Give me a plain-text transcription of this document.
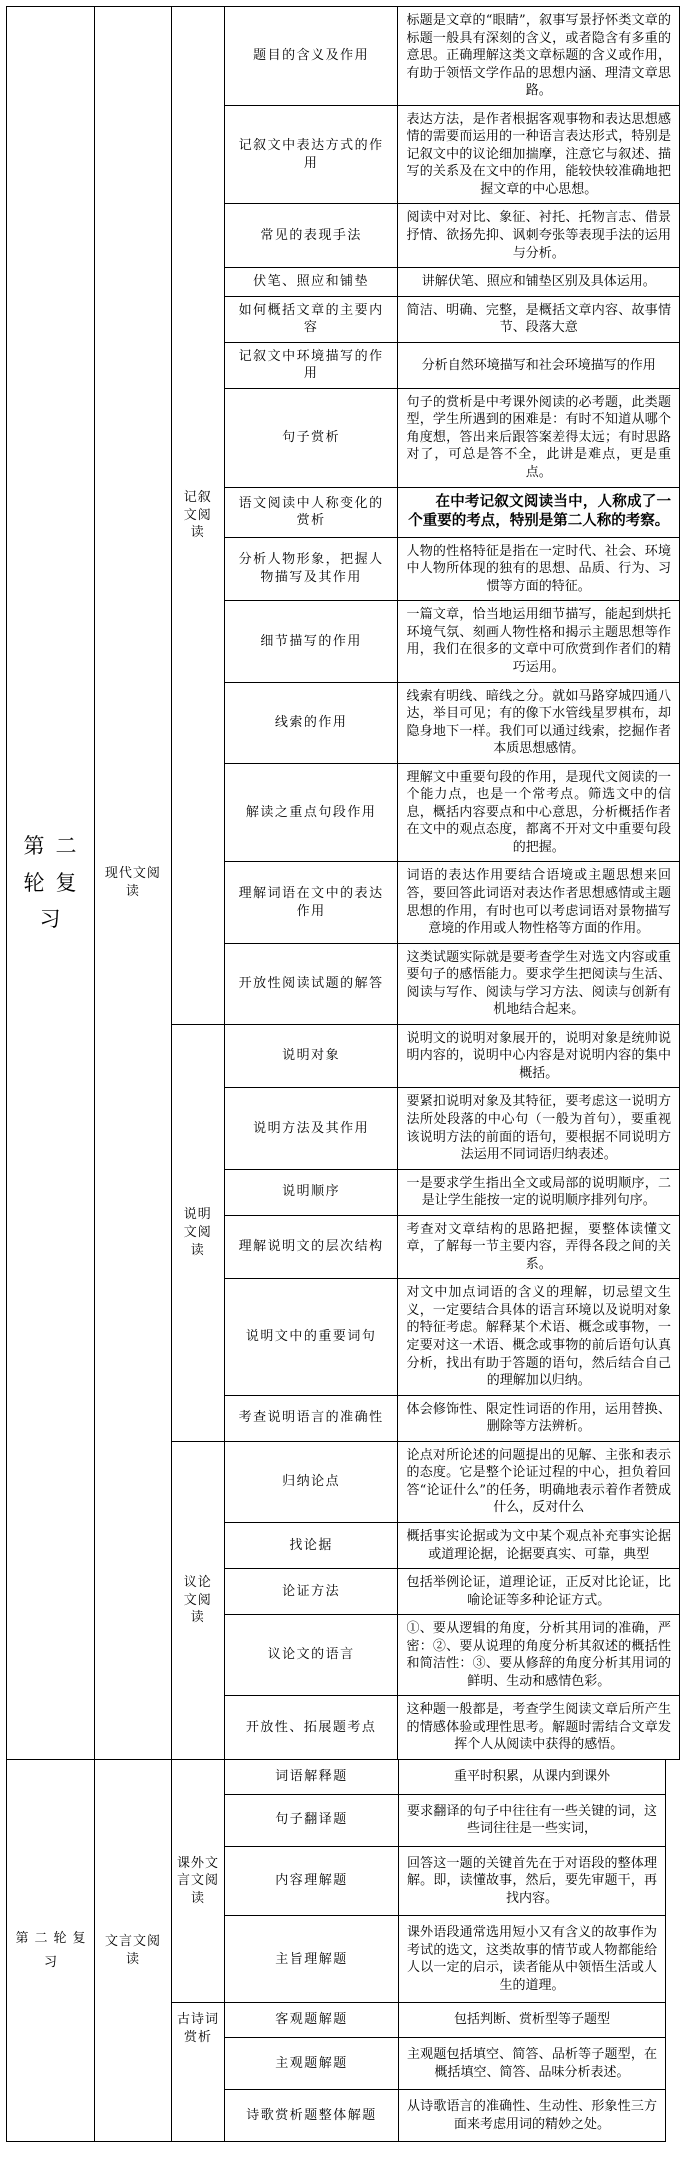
第二轮复习	现代文阅读	记叙文阅读	题目的含义及作用	标题是文章的“眼睛”，叙事写景抒怀类文章的标题一般具有深刻的含义，或者隐含有多重的意思。正确理解这类文章标题的含义或作用，有助于领悟文学作品的思想内涵、理清文章思路。
			记叙文中表达方式的作用	表达方法，是作者根据客观事物和表达思想感情的需要而运用的一种语言表达形式，特别是记叙文中的议论细加揣摩，注意它与叙述、描写的关系及在文中的作用，能较快较准确地把握文章的中心思想。
			常见的表现手法	阅读中对对比、象征、衬托、托物言志、借景抒情、欲扬先抑、讽刺夸张等表现手法的运用与分析。
			伏笔、照应和铺垫	讲解伏笔、照应和铺垫区别及具体运用。
			如何概括文章的主要内容	简洁、明确、完整，是概括文章内容、故事情节、段落大意
			记叙文中环境描写的作用	分析自然环境描写和社会环境描写的作用
			句子赏析	句子的赏析是中考课外阅读的必考题，此类题型，学生所遇到的困难是：有时不知道从哪个角度想，答出来后跟答案差得太远；有时思路对了，可总是答不全，此讲是难点，更是重点。
			语文阅读中人称变化的赏析	在中考记叙文阅读当中，人称成了一个重要的考点，特别是第二人称的考察。
			分析人物形象，把握人物描写及其作用	人物的性格特征是指在一定时代、社会、环境中人物所体现的独有的思想、品质、行为、习惯等方面的特征。
			细节描写的作用	一篇文章，恰当地运用细节描写，能起到烘托环境气氛、刻画人物性格和揭示主题思想等作用，我们在很多的文章中可欣赏到作者们的精巧运用。
			线索的作用	线索有明线、暗线之分。就如马路穿城四通八达，举目可见；有的像下水管线星罗棋布，却隐身地下一样。我们可以通过线索，挖掘作者本质思想感情。
			解读之重点句段作用	理解文中重要句段的作用，是现代文阅读的一个能力点，也是一个常考点。筛选文中的信息，概括内容要点和中心意思，分析概括作者在文中的观点态度，都离不开对文中重要句段的把握。
			理解词语在文中的表达作用	词语的表达作用要结合语境或主题思想来回答，要回答此词语对表达作者思想感情或主题思想的作用，有时也可以考虑词语对景物描写意境的作用或人物性格等方面的作用。
			开放性阅读试题的解答	这类试题实际就是要考查学生对选文内容或重要句子的感悟能力。要求学生把阅读与生活、阅读与写作、阅读与学习方法、阅读与创新有机地结合起来。
		说明文阅读	说明对象	说明文的说明对象展开的，说明对象是统帅说明内容的，说明中心内容是对说明内容的集中概括。
			说明方法及其作用	要紧扣说明对象及其特征，要考虑这一说明方法所处段落的中心句（一般为首句），要重视该说明方法的前面的语句，要根据不同说明方法运用不同词语归纳表述。
			说明顺序	一是要求学生指出全文或局部的说明顺序，二是让学生能按一定的说明顺序排列句序。
			理解说明文的层次结构	考查对文章结构的思路把握，要整体读懂文章，了解每一节主要内容，弄得各段之间的关系。
			说明文中的重要词句	对文中加点词语的含义的理解，切忌望文生义，一定要结合具体的语言环境以及说明对象的特征考虑。解释某个术语、概念或事物，一定要对这一术语、概念或事物的前后语句认真分析，找出有助于答题的语句，然后结合自己的理解加以归纳。
			考查说明语言的准确性	体会修饰性、限定性词语的作用，运用替换、删除等方法辨析。
		议论文阅读	归纳论点	论点对所论述的问题提出的见解、主张和表示的态度。它是整个论证过程的中心，担负着回答“论证什么”的任务，明确地表示着作者赞成什么，反对什么
			找论据	概括事实论据或为文中某个观点补充事实论据或道理论据，论据要真实、可靠，典型
			论证方法	包括举例论证，道理论证，正反对比论证，比喻论证等多种论证方式。
			议论文的语言	①、要从逻辑的角度，分析其用词的准确，严密：②、要从说理的角度分析其叙述的概括性和简洁性：③、要从修辞的角度分析其用词的鲜明、生动和感情色彩。
			开放性、拓展题考点	这种题一般都是，考查学生阅读文章后所产生的情感体验或理性思考。解题时需结合文章发挥个人从阅读中获得的感悟。
第二轮复习	文言文阅读	课外文言文阅读	词语解释题	重平时积累，从课内到课外
			句子翻译题	要求翻译的句子中往往有一些关键的词，这些词往往是一些实词，
			内容理解题	回答这一题的关键首先在于对语段的整体理解。即，读懂故事，然后，要先审题干，再找内容。
			主旨理解题	课外语段通常选用短小又有含义的故事作为考试的选文，这类故事的情节或人物都能给人以一定的启示，读者能从中领悟生活或人生的道理。
		古诗词赏析	客观题解题	包括判断、赏析型等子题型
			主观题解题	主观题包括填空、简答、品析等子题型，在概括填空、简答、品味分析表述。
			诗歌赏析题整体解题	从诗歌语言的准确性、生动性、形象性三方面来考虑用词的精妙之处。
